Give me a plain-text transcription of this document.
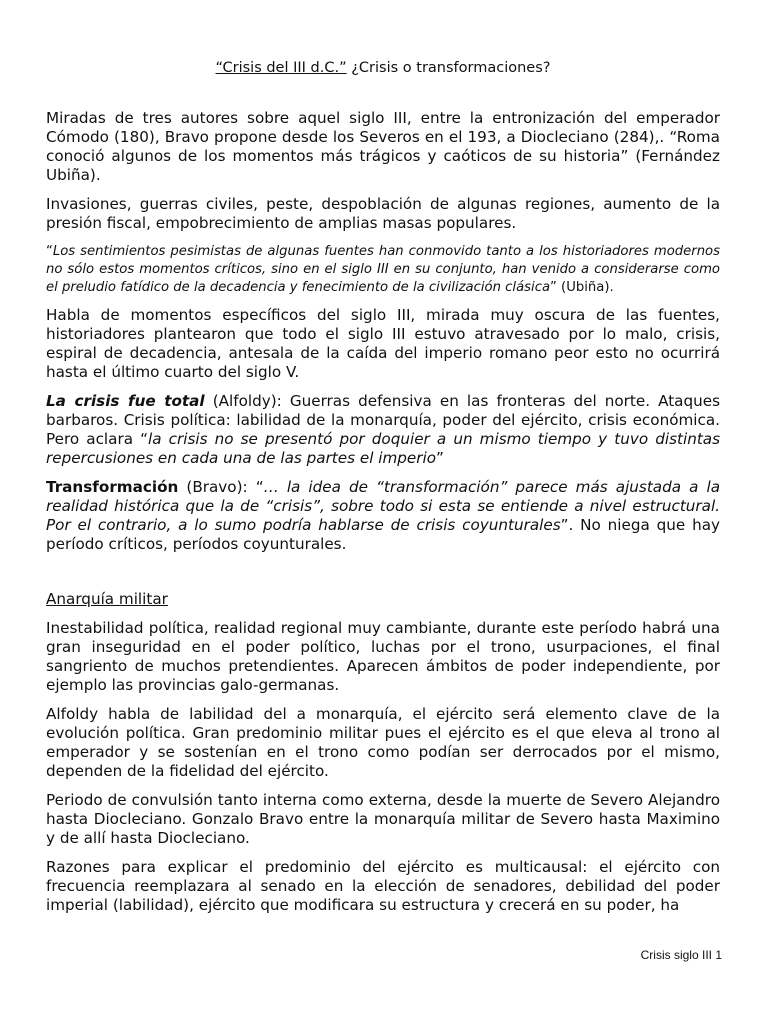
“Crisis del III d.C.” ¿Crisis o transformaciones?

Miradas de tres autores sobre aquel siglo III, entre la entronización del emperador Cómodo (180), Bravo propone desde los Severos en el 193, a Diocleciano (284),. “Roma conoció algunos de los momentos más trágicos y caóticos de su historia” (Fernández Ubiña).

Invasiones, guerras civiles, peste, despoblación de algunas regiones, aumento de la presión fiscal, empobrecimiento de amplias masas populares.

“Los sentimientos pesimistas de algunas fuentes han conmovido tanto a los historiadores modernos no sólo estos momentos críticos, sino en el siglo III en su conjunto, han venido a considerarse como el preludio fatídico de la decadencia y fenecimiento de la civilización clásica” (Ubiña).

Habla de momentos específicos del siglo III, mirada muy oscura de las fuentes, historiadores plantearon que todo el siglo III estuvo atravesado por lo malo, crisis, espiral de decadencia, antesala de la caída del imperio romano peor esto no ocurrirá hasta el último cuarto del siglo V.

La crisis fue total (Alfoldy): Guerras defensiva en las fronteras del norte. Ataques barbaros. Crisis política: labilidad de la monarquía, poder del ejército, crisis económica. Pero aclara “la crisis no se presentó por doquier a un mismo tiempo y tuvo distintas repercusiones en cada una de las partes el imperio”

Transformación (Bravo): “… la idea de “transformación” parece más ajustada a la realidad histórica que la de “crisis”, sobre todo si esta se entiende a nivel estructural. Por el contrario, a lo sumo podría hablarse de crisis coyunturales”. No niega que hay período críticos, períodos coyunturales.

Anarquía militar

Inestabilidad política, realidad regional muy cambiante, durante este período habrá una gran inseguridad en el poder político, luchas por el trono, usurpaciones, el final sangriento de muchos pretendientes. Aparecen ámbitos de poder independiente, por ejemplo las provincias galo-germanas.

Alfoldy habla de labilidad del a monarquía, el ejército será elemento clave de la evolución política. Gran predominio militar pues el ejército es el que eleva al trono al emperador y se sostenían en el trono como podían ser derrocados por el mismo, dependen de la fidelidad del ejército.

Periodo de convulsión tanto interna como externa, desde la muerte de Severo Alejandro hasta Diocleciano. Gonzalo Bravo entre la monarquía militar de Severo hasta Maximino y de allí hasta Diocleciano.

Razones para explicar el predominio del ejército es multicausal: el ejército con frecuencia reemplazara al senado en la elección de senadores, debilidad del poder imperial (labilidad), ejército que modificara su estructura y crecerá en su poder, ha

Crisis siglo III 1
